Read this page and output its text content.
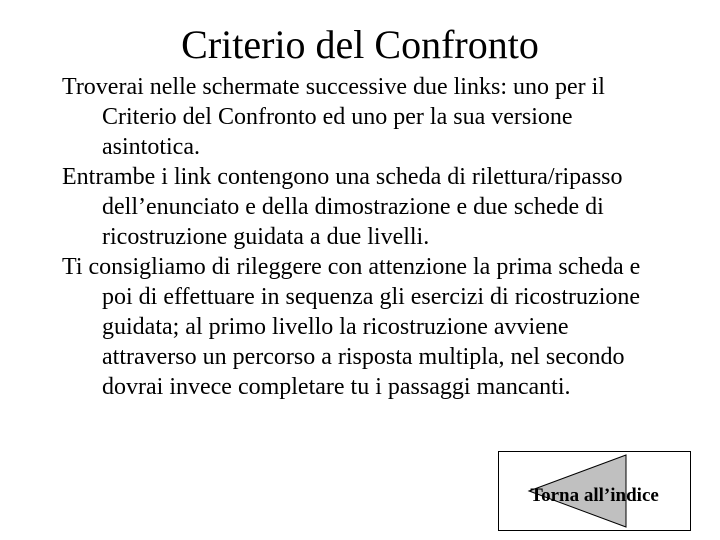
Criterio del Confronto
Troverai nelle schermate successive due links: uno per il Criterio del Confronto ed uno per la sua versione asintotica.
Entrambe i link contengono una scheda di rilettura/ripasso dell’enunciato e della dimostrazione e due schede di ricostruzione guidata a due livelli.
Ti consigliamo di rileggere con attenzione la prima scheda e poi di effettuare in sequenza gli esercizi di ricostruzione guidata; al primo livello la ricostruzione avviene attraverso un percorso a risposta multipla, nel secondo dovrai invece completare tu i passaggi mancanti.
Torna all’indice
